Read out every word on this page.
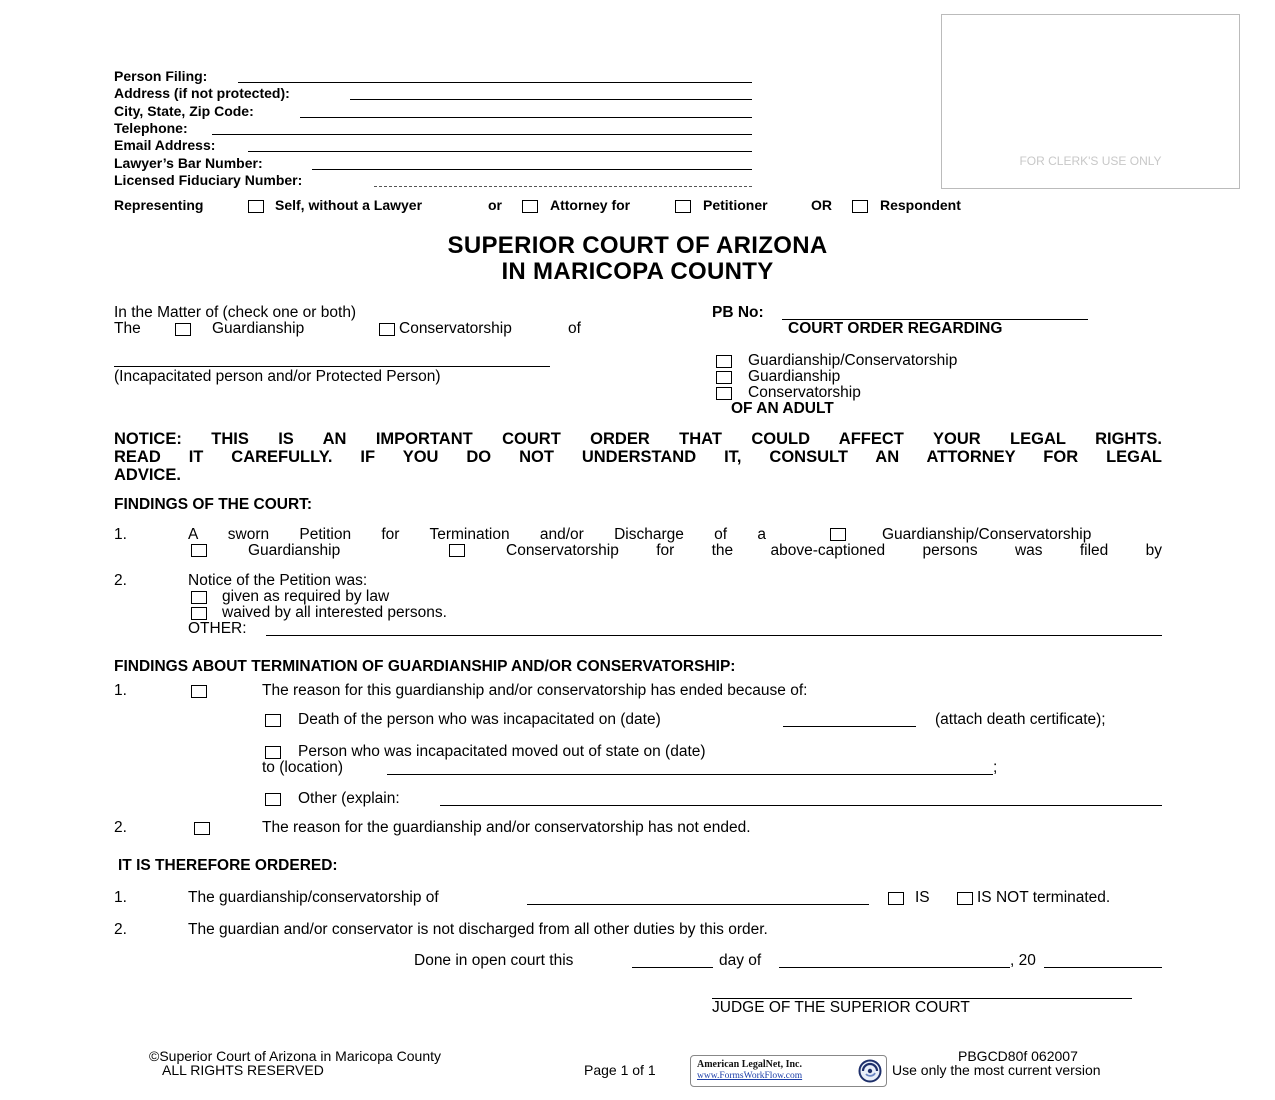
Person Filing:
Address (if not protected):
City, State, Zip Code:
Telephone:
Email Address:
Lawyer’s Bar Number:
Licensed Fiduciary Number:
FOR CLERK'S USE ONLY
Representing	Self, without a Lawyer	or	Attorney for	Petitioner	OR	Respondent
SUPERIOR COURT OF ARIZONA
IN MARICOPA COUNTY
In the Matter of (check one or both)
The	Guardianship	Conservatorship	of
(Incapacitated person and/or Protected Person)
PB No:
COURT ORDER REGARDING
Guardianship/Conservatorship
Guardianship
Conservatorship
OF AN ADULT
NOTICE: THIS IS AN IMPORTANT COURT ORDER THAT COULD AFFECT YOUR LEGAL RIGHTS.
READ IT CAREFULLY. IF YOU DO NOT UNDERSTAND IT, CONSULT AN ATTORNEY FOR LEGAL
ADVICE.
FINDINGS OF THE COURT:
1.	A sworn Petition for Termination and/or Discharge of a	Guardianship/Conservatorship
Guardianship	Conservatorship for the above-captioned persons was filed by
2.	Notice of the Petition was:
given as required by law
waived by all interested persons.
OTHER:
FINDINGS ABOUT TERMINATION OF GUARDIANSHIP AND/OR CONSERVATORSHIP:
1.	The reason for this guardianship and/or conservatorship has ended because of:
Death of the person who was incapacitated on (date)	(attach death certificate);
Person who was incapacitated moved out of state on (date)
to (location)	;
Other (explain:
2.	The reason for the guardianship and/or conservatorship has not ended.
IT IS THEREFORE ORDERED:
1.	The guardianship/conservatorship of	IS	IS NOT terminated.
2.	The guardian and/or conservator is not discharged from all other duties by this order.
Done in open court this	day of	, 20
JUDGE OF THE SUPERIOR COURT
©Superior Court of Arizona in Maricopa County
ALL RIGHTS RESERVED	Page 1 of 1
PBGCD80f 062007
Use only the most current version
American LegalNet, Inc.
www.FormsWorkFlow.com
